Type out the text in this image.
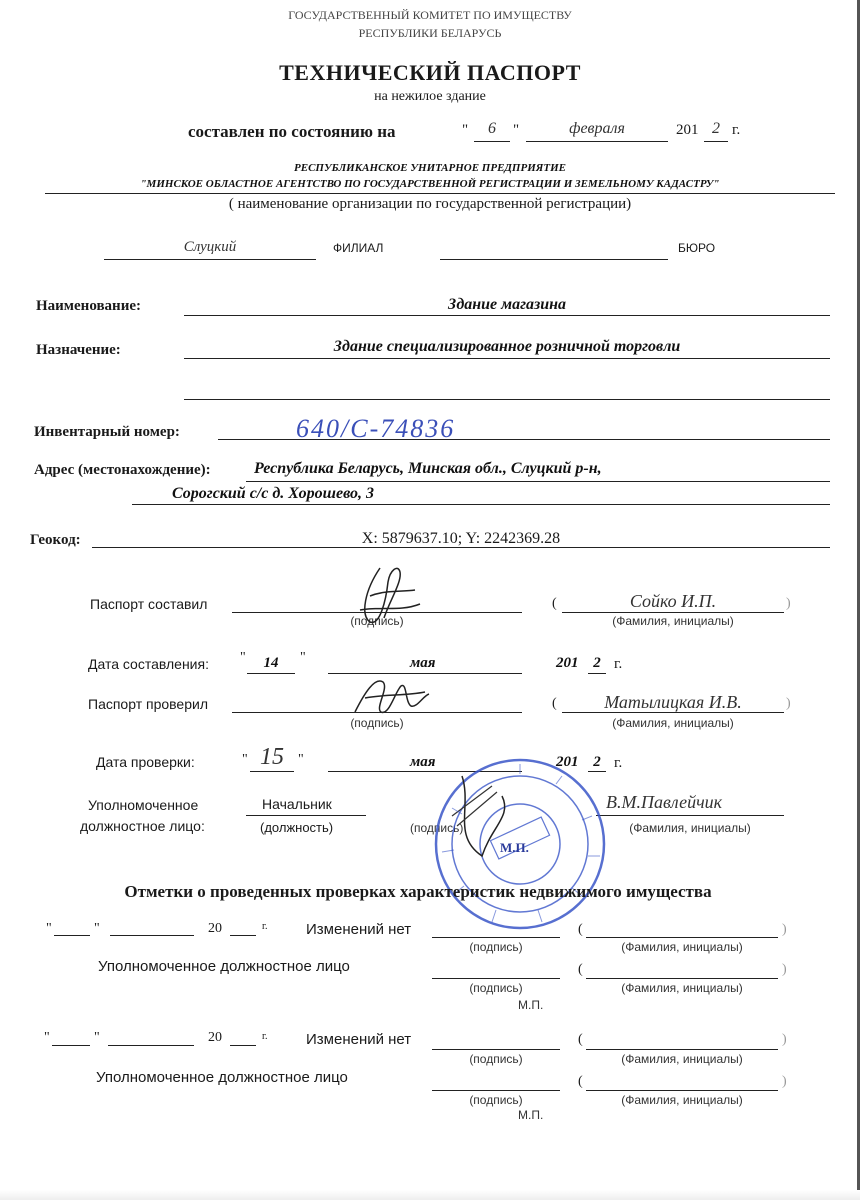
ГОСУДАРСТВЕННЫЙ КОМИТЕТ ПО ИМУЩЕСТВУ
РЕСПУБЛИКИ БЕЛАРУСЬ
ТЕХНИЧЕСКИЙ ПАСПОРТ
на нежилое здание
составлен по состоянию на	"	6	"	февраля	201 2 г.
РЕСПУБЛИКАНСКОЕ УНИТАРНОЕ ПРЕДПРИЯТИЕ
"МИНСКОЕ ОБЛАСТНОЕ АГЕНТСТВО ПО ГОСУДАРСТВЕННОЙ РЕГИСТРАЦИИ И ЗЕМЕЛЬНОМУ КАДАСТРУ"
( наименование организации по государственной регистрации)
Слуцкий	ФИЛИАЛ	БЮРО
Наименование:	Здание магазина
Назначение:	Здание специализированное розничной торговли
Инвентарный номер:	640/С-74836
Адрес (местонахождение):	Республика Беларусь, Минская обл., Слуцкий р-н,
Сорогский с/с д. Хорошево, 3
Геокод:	X: 5879637.10; Y: 2242369.28
Паспорт составил
(подпись)
(	Сойко И.П.	)
(Фамилия, инициалы)
Дата составления: "	14	"	мая	201 2 г.
Паспорт проверил
(подпись)
(	Матылицкая И.В.	)
(Фамилия, инициалы)
Дата проверки:	" 15	"	мая	201 2 г.
Уполномоченное
должностное лицо:
Начальник
(должность)	(подпись)
В.М.Павлейчик
(Фамилия, инициалы)
М.П.
Отметки о проведенных проверках характеристик недвижимого имущества
"	"	20	г.	Изменений нет
(подпись)
(	)
(Фамилия, инициалы)
Уполномоченное должностное лицо
(подпись)
(	)
(Фамилия, инициалы)
М.П.
"	"	20	г.	Изменений нет
(подпись)
(	)
(Фамилия, инициалы)
Уполномоченное должностное лицо
(подпись)
(	)
(Фамилия, инициалы)
М.П.
